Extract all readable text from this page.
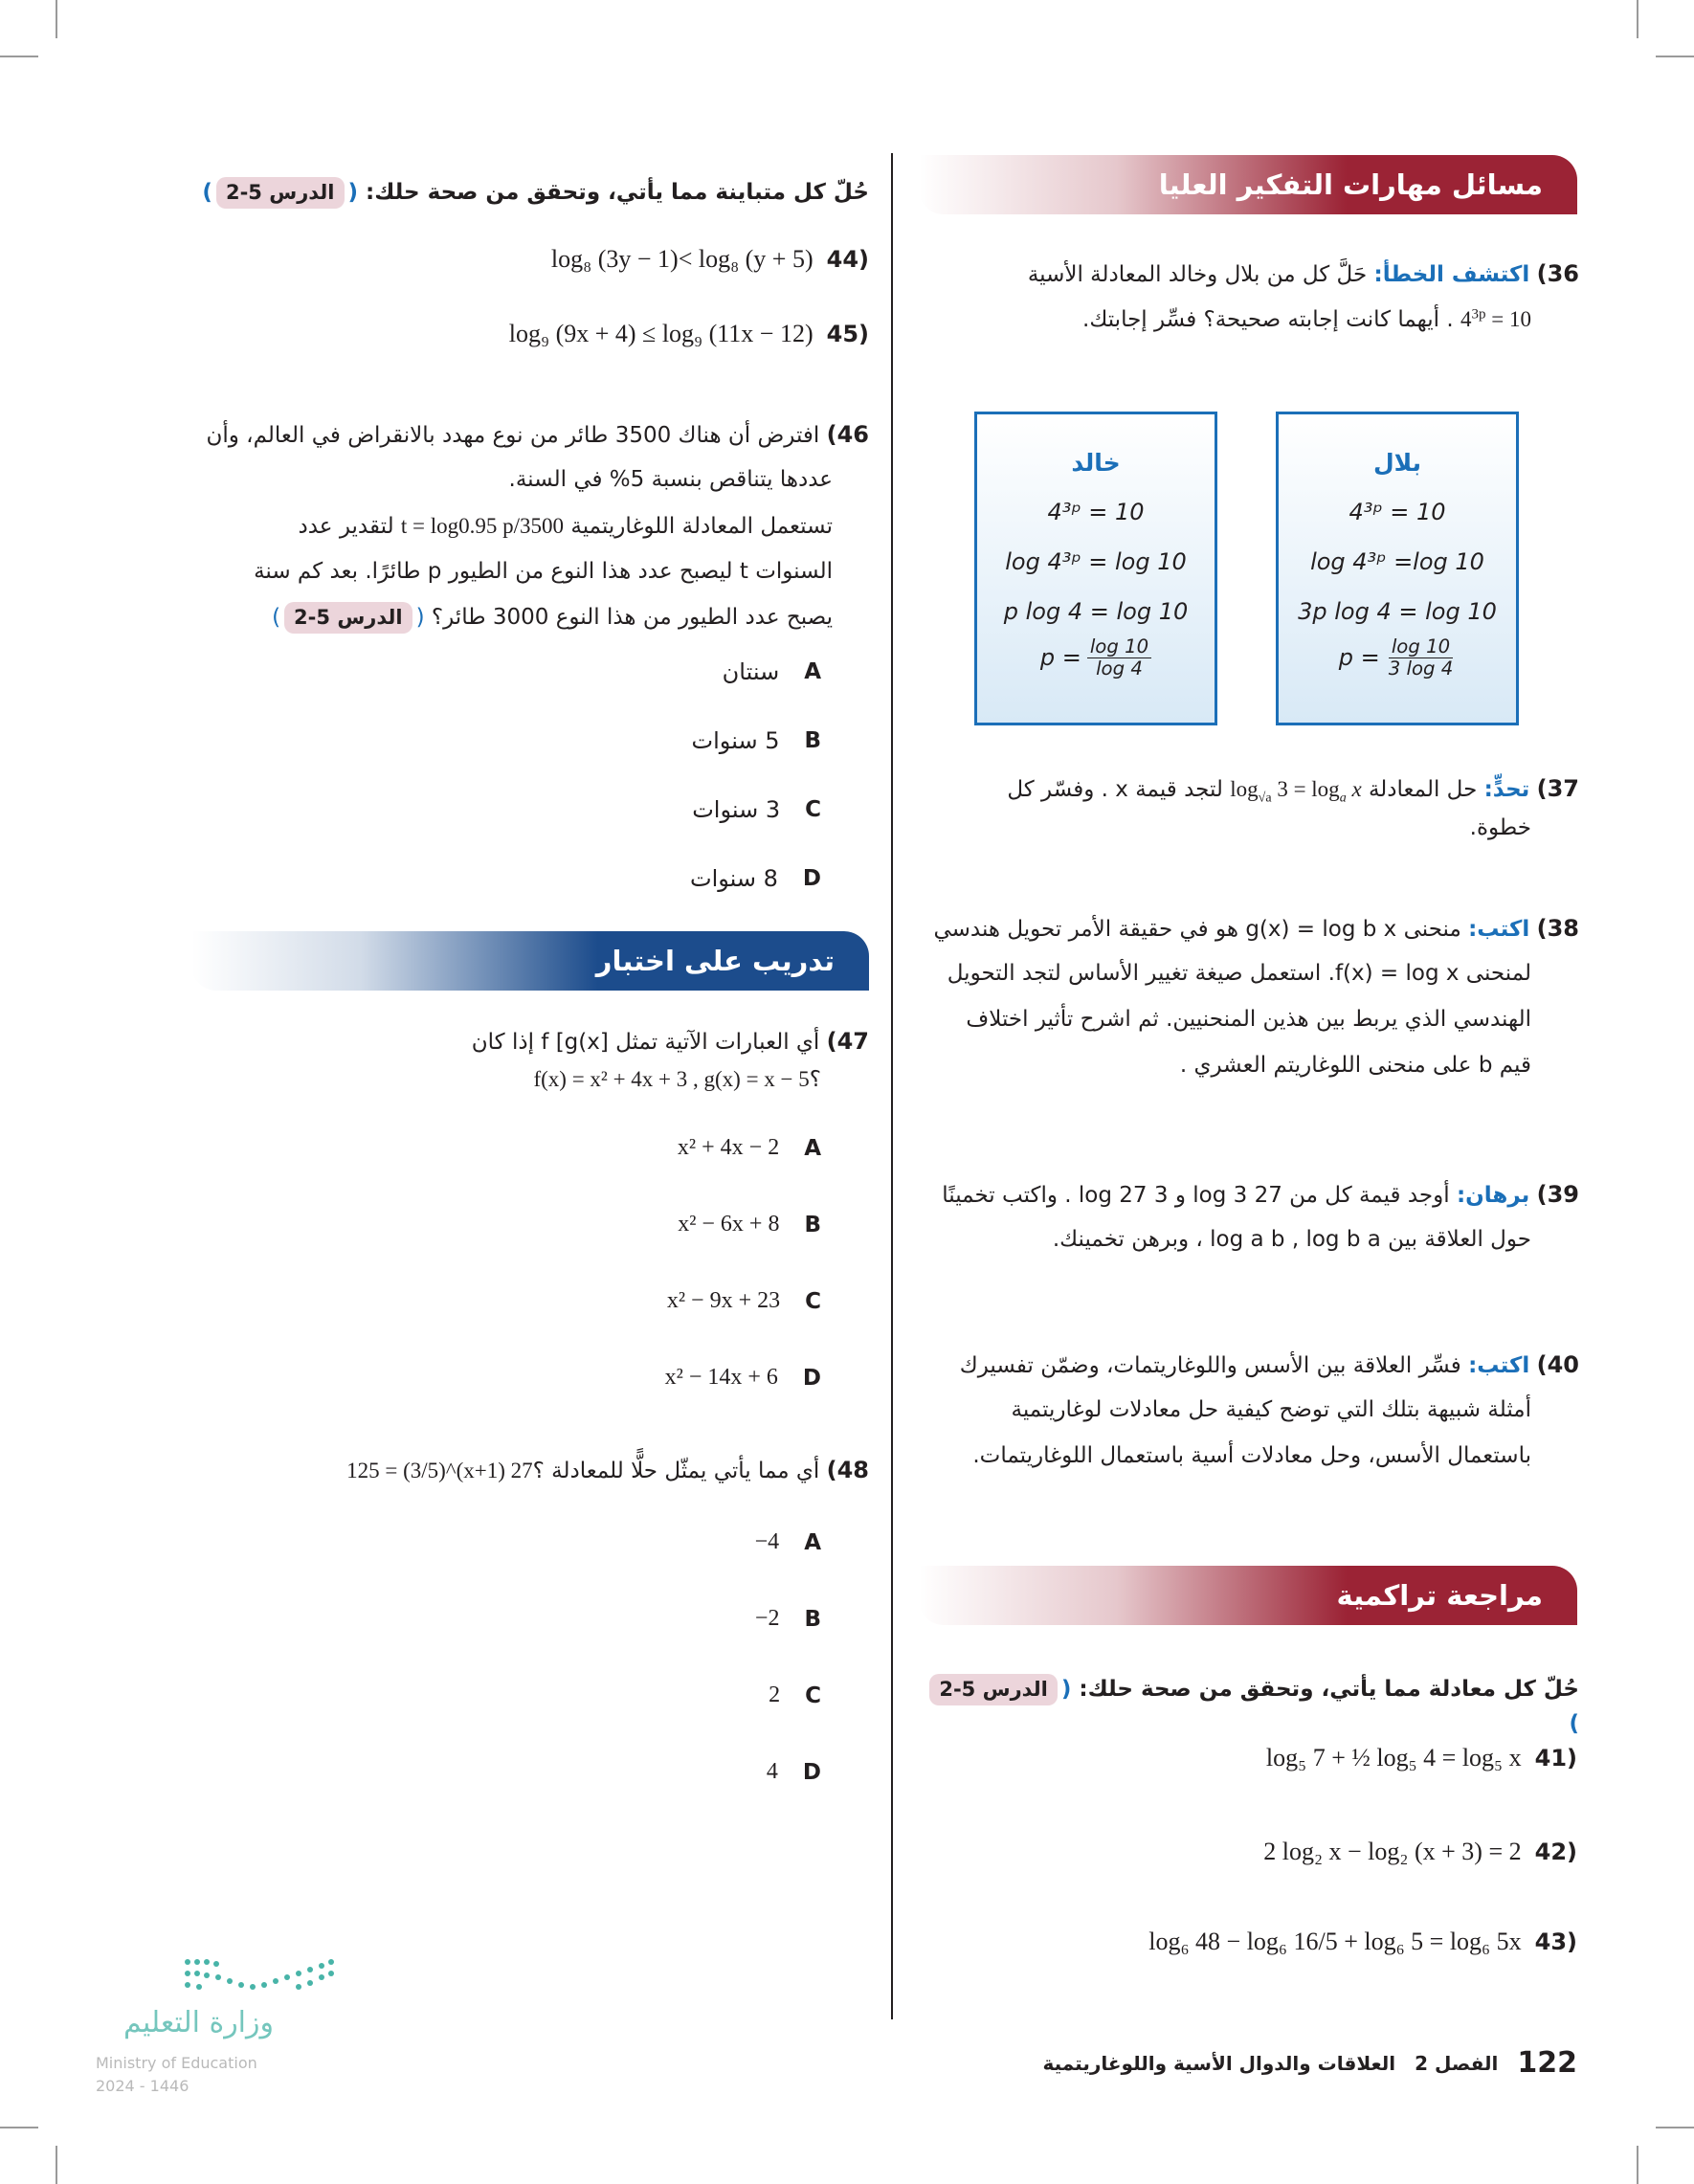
مسائل مهارات التفكير العليا
36) اكتشف الخطأ: حَلَّ كل من بلال وخالد المعادلة الأسية
$4^{3p} = 10$ . أيهما كانت إجابته صحيحة؟ فسِّر إجابتك.
بلال
4³ᵖ = 10
log 4³ᵖ =log 10
3p log 4 = log 10
$p = \frac{\log 10}{3 \log 4}$
خالد
4³ᵖ = 10
log 4³ᵖ = log 10
p log 4 = log 10
$p = \frac{\log 10}{\log 4}$
37) تحدٍّ: حل المعادلة $\log_{√a} 3 = \log_a x$ لتجد قيمة x . وفسّر كل
خطوة.
38) اكتب: منحنى g(x) = log b x هو في حقيقة الأمر تحويل هندسي
لمنحنى f(x) = log x. استعمل صيغة تغيير الأساس لتجد التحويل
الهندسي الذي يربط بين هذين المنحنيين. ثم اشرح تأثير اختلاف
قيم b على منحنى اللوغاريتم العشري .
39) برهان: أوجد قيمة كل من log 3 27 و log 27 3 . واكتب تخمينًا
حول العلاقة بين log a b , log b a ، وبرهن تخمينك.
40) اكتب: فسِّر العلاقة بين الأسس واللوغاريتمات، وضمّن تفسيرك
أمثلة شبيهة بتلك التي توضح كيفية حل معادلات لوغاريتمية
باستعمال الأسس، وحل معادلات أسية باستعمال اللوغاريتمات.
مراجعة تراكمية
حُلّ كل معادلة مما يأتي، وتحقق من صحة حلك: (الدرس 5-2)
41)
log₅ 7 + ½ log₅ 4 = log₅ x
42)
2 log₂ x − log₂ (x + 3) = 2
43)
log₆ 48 − log₆ 16/5 + log₆ 5 = log₆ 5x
حُلّ كل متباينة مما يأتي، وتحقق من صحة حلك: (الدرس 5-2)
44)
log₈ (3y − 1)< log₈ (y + 5)
45)
log₉ (9x + 4) ≤ log₉ (11x − 12)
46) افترض أن هناك 3500 طائر من نوع مهدد بالانقراض في العالم، وأن
عددها يتناقص بنسبة 5% في السنة.
تستعمل المعادلة اللوغاريتمية t = log0.95 p/3500 لتقدير عدد
السنوات t ليصبح عدد هذا النوع من الطيور p طائرًا. بعد كم سنة
يصبح عدد الطيور من هذا النوع 3000 طائر؟ (الدرس 5-2)
A
سنتان
B
5 سنوات
C
3 سنوات
D
8 سنوات
تدريب على اختبار
47) أي العبارات الآتية تمثل [f [g(x إذا كان
f(x) = x² + 4x + 3 , g(x) = x − 5؟
A
x² + 4x − 2
B
x² − 6x + 8
C
x² − 9x + 23
D
x² − 14x + 6
48) أي مما يأتي يمثّل حلًّا للمعادلة 125 = (3/5)^(x+1) 27؟
A
−4
B
−2
C
2
D
4
وزارة التعليم
Ministry of Education
2024 - 1446
122
الفصل 2
العلاقات والدوال الأسية واللوغاريتمية
